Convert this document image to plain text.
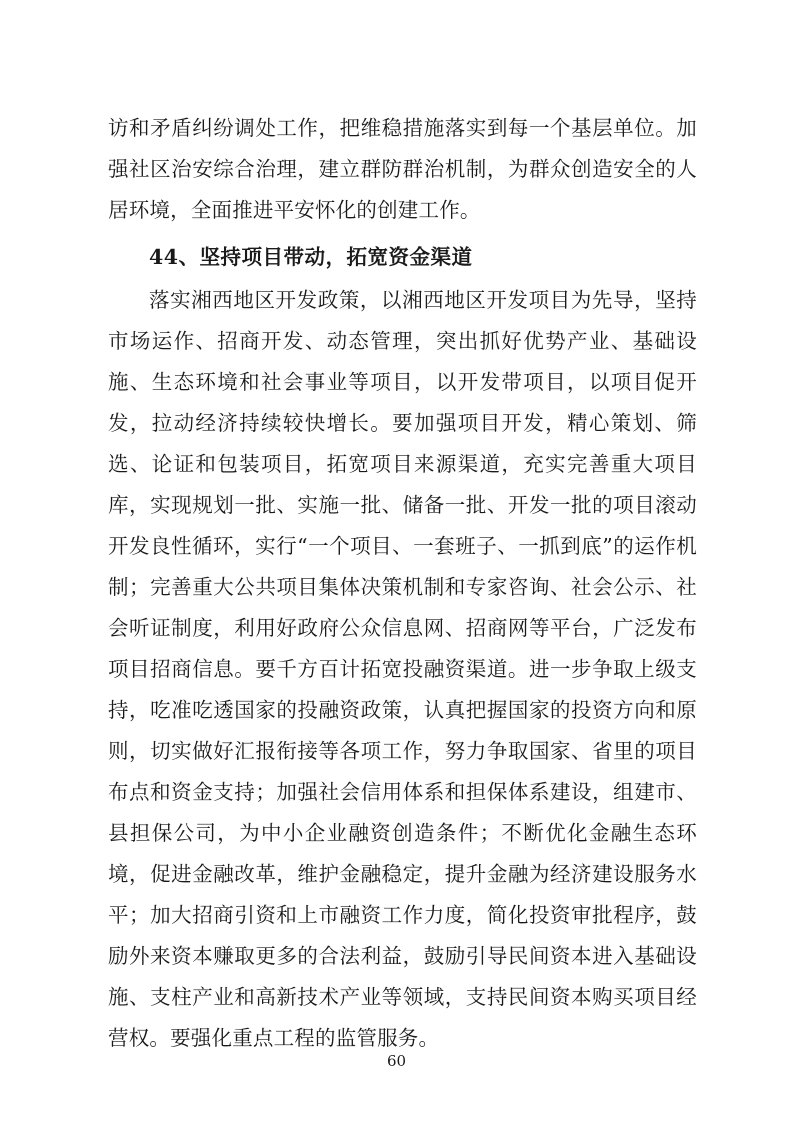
访和矛盾纠纷调处工作，把维稳措施落实到每一个基层单位。加强社区治安综合治理，建立群防群治机制，为群众创造安全的人居环境，全面推进平安怀化的创建工作。

44、坚持项目带动，拓宽资金渠道

落实湘西地区开发政策，以湘西地区开发项目为先导，坚持市场运作、招商开发、动态管理，突出抓好优势产业、基础设施、生态环境和社会事业等项目，以开发带项目，以项目促开发，拉动经济持续较快增长。要加强项目开发，精心策划、筛选、论证和包装项目，拓宽项目来源渠道，充实完善重大项目库，实现规划一批、实施一批、储备一批、开发一批的项目滚动开发良性循环，实行“一个项目、一套班子、一抓到底”的运作机制；完善重大公共项目集体决策机制和专家咨询、社会公示、社会听证制度，利用好政府公众信息网、招商网等平台，广泛发布项目招商信息。要千方百计拓宽投融资渠道。进一步争取上级支持，吃准吃透国家的投融资政策，认真把握国家的投资方向和原则，切实做好汇报衔接等各项工作，努力争取国家、省里的项目布点和资金支持；加强社会信用体系和担保体系建设，组建市、县担保公司，为中小企业融资创造条件；不断优化金融生态环境，促进金融改革，维护金融稳定，提升金融为经济建设服务水平；加大招商引资和上市融资工作力度，简化投资审批程序，鼓励外来资本赚取更多的合法利益，鼓励引导民间资本进入基础设施、支柱产业和高新技术产业等领域，支持民间资本购买项目经营权。要强化重点工程的监管服务。

60
